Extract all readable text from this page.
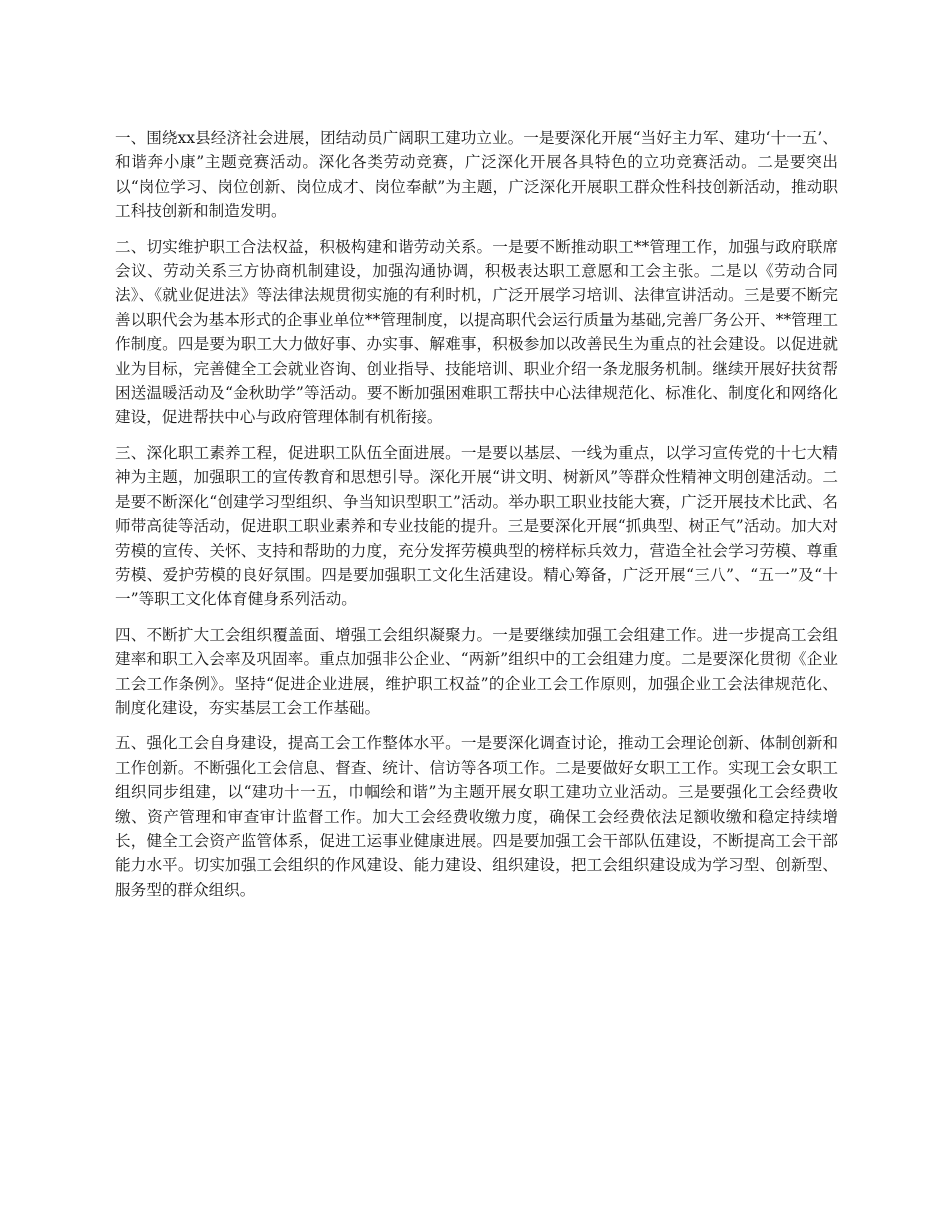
一、围绕xx县经济社会进展，团结动员广阔职工建功立业。一是要深化开展“当好主力军、建功‘十一五’、和谐奔小康”主题竞赛活动。深化各类劳动竞赛，广泛深化开展各具特色的立功竞赛活动。二是要突出以“岗位学习、岗位创新、岗位成才、岗位奉献”为主题，广泛深化开展职工群众性科技创新活动，推动职工科技创新和制造发明。

二、切实维护职工合法权益，积极构建和谐劳动关系。一是要不断推动职工**管理工作，加强与政府联席会议、劳动关系三方协商机制建设，加强沟通协调，积极表达职工意愿和工会主张。二是以《劳动合同法》、《就业促进法》等法律法规贯彻实施的有利时机，广泛开展学习培训、法律宣讲活动。三是要不断完善以职代会为基本形式的企事业单位**管理制度，以提高职代会运行质量为基础,完善厂务公开、**管理工作制度。四是要为职工大力做好事、办实事、解难事，积极参加以改善民生为重点的社会建设。以促进就业为目标，完善健全工会就业咨询、创业指导、技能培训、职业介绍一条龙服务机制。继续开展好扶贫帮困送温暖活动及“金秋助学”等活动。要不断加强困难职工帮扶中心法律规范化、标准化、制度化和网络化建设，促进帮扶中心与政府管理体制有机衔接。

三、深化职工素养工程，促进职工队伍全面进展。一是要以基层、一线为重点，以学习宣传党的十七大精神为主题，加强职工的宣传教育和思想引导。深化开展“讲文明、树新风”等群众性精神文明创建活动。二是要不断深化“创建学习型组织、争当知识型职工”活动。举办职工职业技能大赛，广泛开展技术比武、名师带高徒等活动，促进职工职业素养和专业技能的提升。三是要深化开展“抓典型、树正气”活动。加大对劳模的宣传、关怀、支持和帮助的力度，充分发挥劳模典型的榜样标兵效力，营造全社会学习劳模、尊重劳模、爱护劳模的良好氛围。四是要加强职工文化生活建设。精心筹备，广泛开展“三八”、“五一”及“十一”等职工文化体育健身系列活动。

四、不断扩大工会组织覆盖面、增强工会组织凝聚力。一是要继续加强工会组建工作。进一步提高工会组建率和职工入会率及巩固率。重点加强非公企业、“两新”组织中的工会组建力度。二是要深化贯彻《企业工会工作条例》。坚持“促进企业进展，维护职工权益”的企业工会工作原则，加强企业工会法律规范化、制度化建设，夯实基层工会工作基础。

五、强化工会自身建设，提高工会工作整体水平。一是要深化调查讨论，推动工会理论创新、体制创新和工作创新。不断强化工会信息、督查、统计、信访等各项工作。二是要做好女职工工作。实现工会女职工组织同步组建，以“建功十一五，巾帼绘和谐”为主题开展女职工建功立业活动。三是要强化工会经费收缴、资产管理和审查审计监督工作。加大工会经费收缴力度，确保工会经费依法足额收缴和稳定持续增长，健全工会资产监管体系，促进工运事业健康进展。四是要加强工会干部队伍建设，不断提高工会干部能力水平。切实加强工会组织的作风建设、能力建设、组织建设，把工会组织建设成为学习型、创新型、服务型的群众组织。
